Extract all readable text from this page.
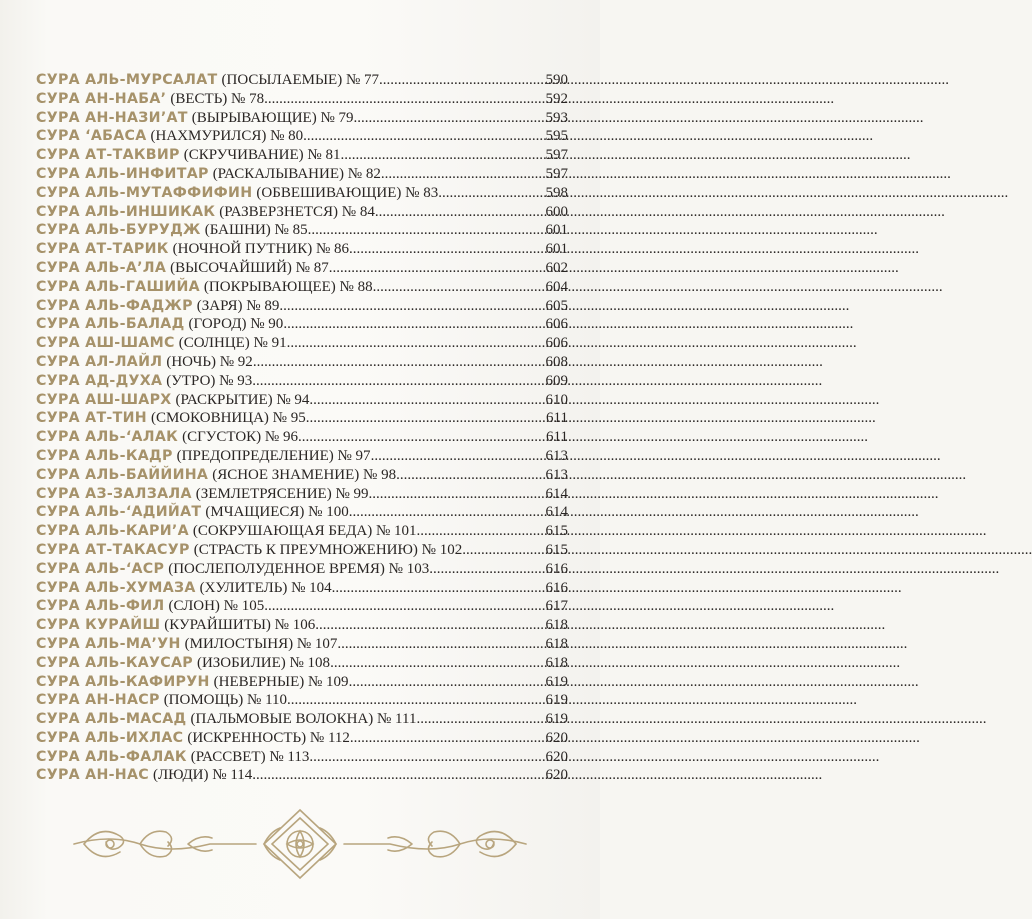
СУРА АЛЬ-МУРСАЛАТ (ПОСЫЛАЕМЫЕ) № 77 .....	590
СУРА АН-НАБА’ (ВЕСТЬ) № 78 .....	592
СУРА АН-НАЗИ’АТ (ВЫРЫВАЮЩИЕ) № 79 .....	593
СУРА ‘АБАСА (НАХМУРИЛСЯ) № 80 .....	595
СУРА АТ-ТАКВИР (СКРУЧИВАНИЕ) № 81 .....	597
СУРА АЛЬ-ИНФИТАР (РАСКАЛЫВАНИЕ) № 82 .....	597
СУРА АЛЬ-МУТАФФИФИН (ОБВЕШИВАЮЩИЕ) № 83 .....	598
СУРА АЛЬ-ИНШИКАК (РАЗВЕРЗНЕТСЯ) № 84 .....	600
СУРА АЛЬ-БУРУДЖ (БАШНИ) № 85 .....	601
СУРА АТ-ТАРИК (НОЧНОЙ ПУТНИК) № 86 .....	601
СУРА АЛЬ-А’ЛА (ВЫСОЧАЙШИЙ) № 87 .....	602
СУРА АЛЬ-ГАШИЙА (ПОКРЫВАЮЩЕЕ) № 88 .....	604
СУРА АЛЬ-ФАДЖР (ЗАРЯ) № 89 .....	605
СУРА АЛЬ-БАЛАД (ГОРОД) № 90 .....	606
СУРА АШ-ШАМС (СОЛНЦЕ) № 91 .....	606
СУРА АЛ-ЛАЙЛ (НОЧЬ) № 92 .....	608
СУРА АД-ДУХА (УТРО) № 93 .....	609
СУРА АШ-ШАРХ (РАСКРЫТИЕ) № 94 .....	610
СУРА АТ-ТИН (СМОКОВНИЦА) № 95 .....	611
СУРА АЛЬ-‘АЛАК (СГУСТОК) № 96 .....	611
СУРА АЛЬ-КАДР (ПРЕДОПРЕДЕЛЕНИЕ) № 97 .....	613
СУРА АЛЬ-БАЙЙИНА (ЯСНОЕ ЗНАМЕНИЕ) № 98 .....	613
СУРА АЗ-ЗАЛЗАЛА (ЗЕМЛЕТРЯСЕНИЕ) № 99 .....	614
СУРА АЛЬ-‘АДИЙАТ (МЧАЩИЕСЯ) № 100 .....	614
СУРА АЛЬ-КАРИ’А (СОКРУШАЮЩАЯ БЕДА) № 101 .....	615
СУРА АТ-ТАКАСУР (СТРАСТЬ К ПРЕУМНОЖЕНИЮ) № 102 .....	615
СУРА АЛЬ-‘АСР (ПОСЛЕПОЛУДЕННОЕ ВРЕМЯ) № 103 .....	616
СУРА АЛЬ-ХУМАЗА (ХУЛИТЕЛЬ) № 104 .....	616
СУРА АЛЬ-ФИЛ (СЛОН) № 105 .....	617
СУРА КУРАЙШ (КУРАЙШИТЫ) № 106 .....	618
СУРА АЛЬ-МА’УН (МИЛОСТЫНЯ) № 107 .....	618
СУРА АЛЬ-КАУСАР (ИЗОБИЛИЕ) № 108 .....	618
СУРА АЛЬ-КАФИРУН (НЕВЕРНЫЕ) № 109 .....	619
СУРА АН-НАСР (ПОМОЩЬ) № 110 .....	619
СУРА АЛЬ-МАСАД (ПАЛЬМОВЫЕ ВОЛОКНА) № 111 .....	619
СУРА АЛЬ-ИХЛАС (ИСКРЕННОСТЬ) № 112 .....	620
СУРА АЛЬ-ФАЛАК (РАССВЕТ) № 113 .....	620
СУРА АН-НАС (ЛЮДИ) № 114 .....	620
